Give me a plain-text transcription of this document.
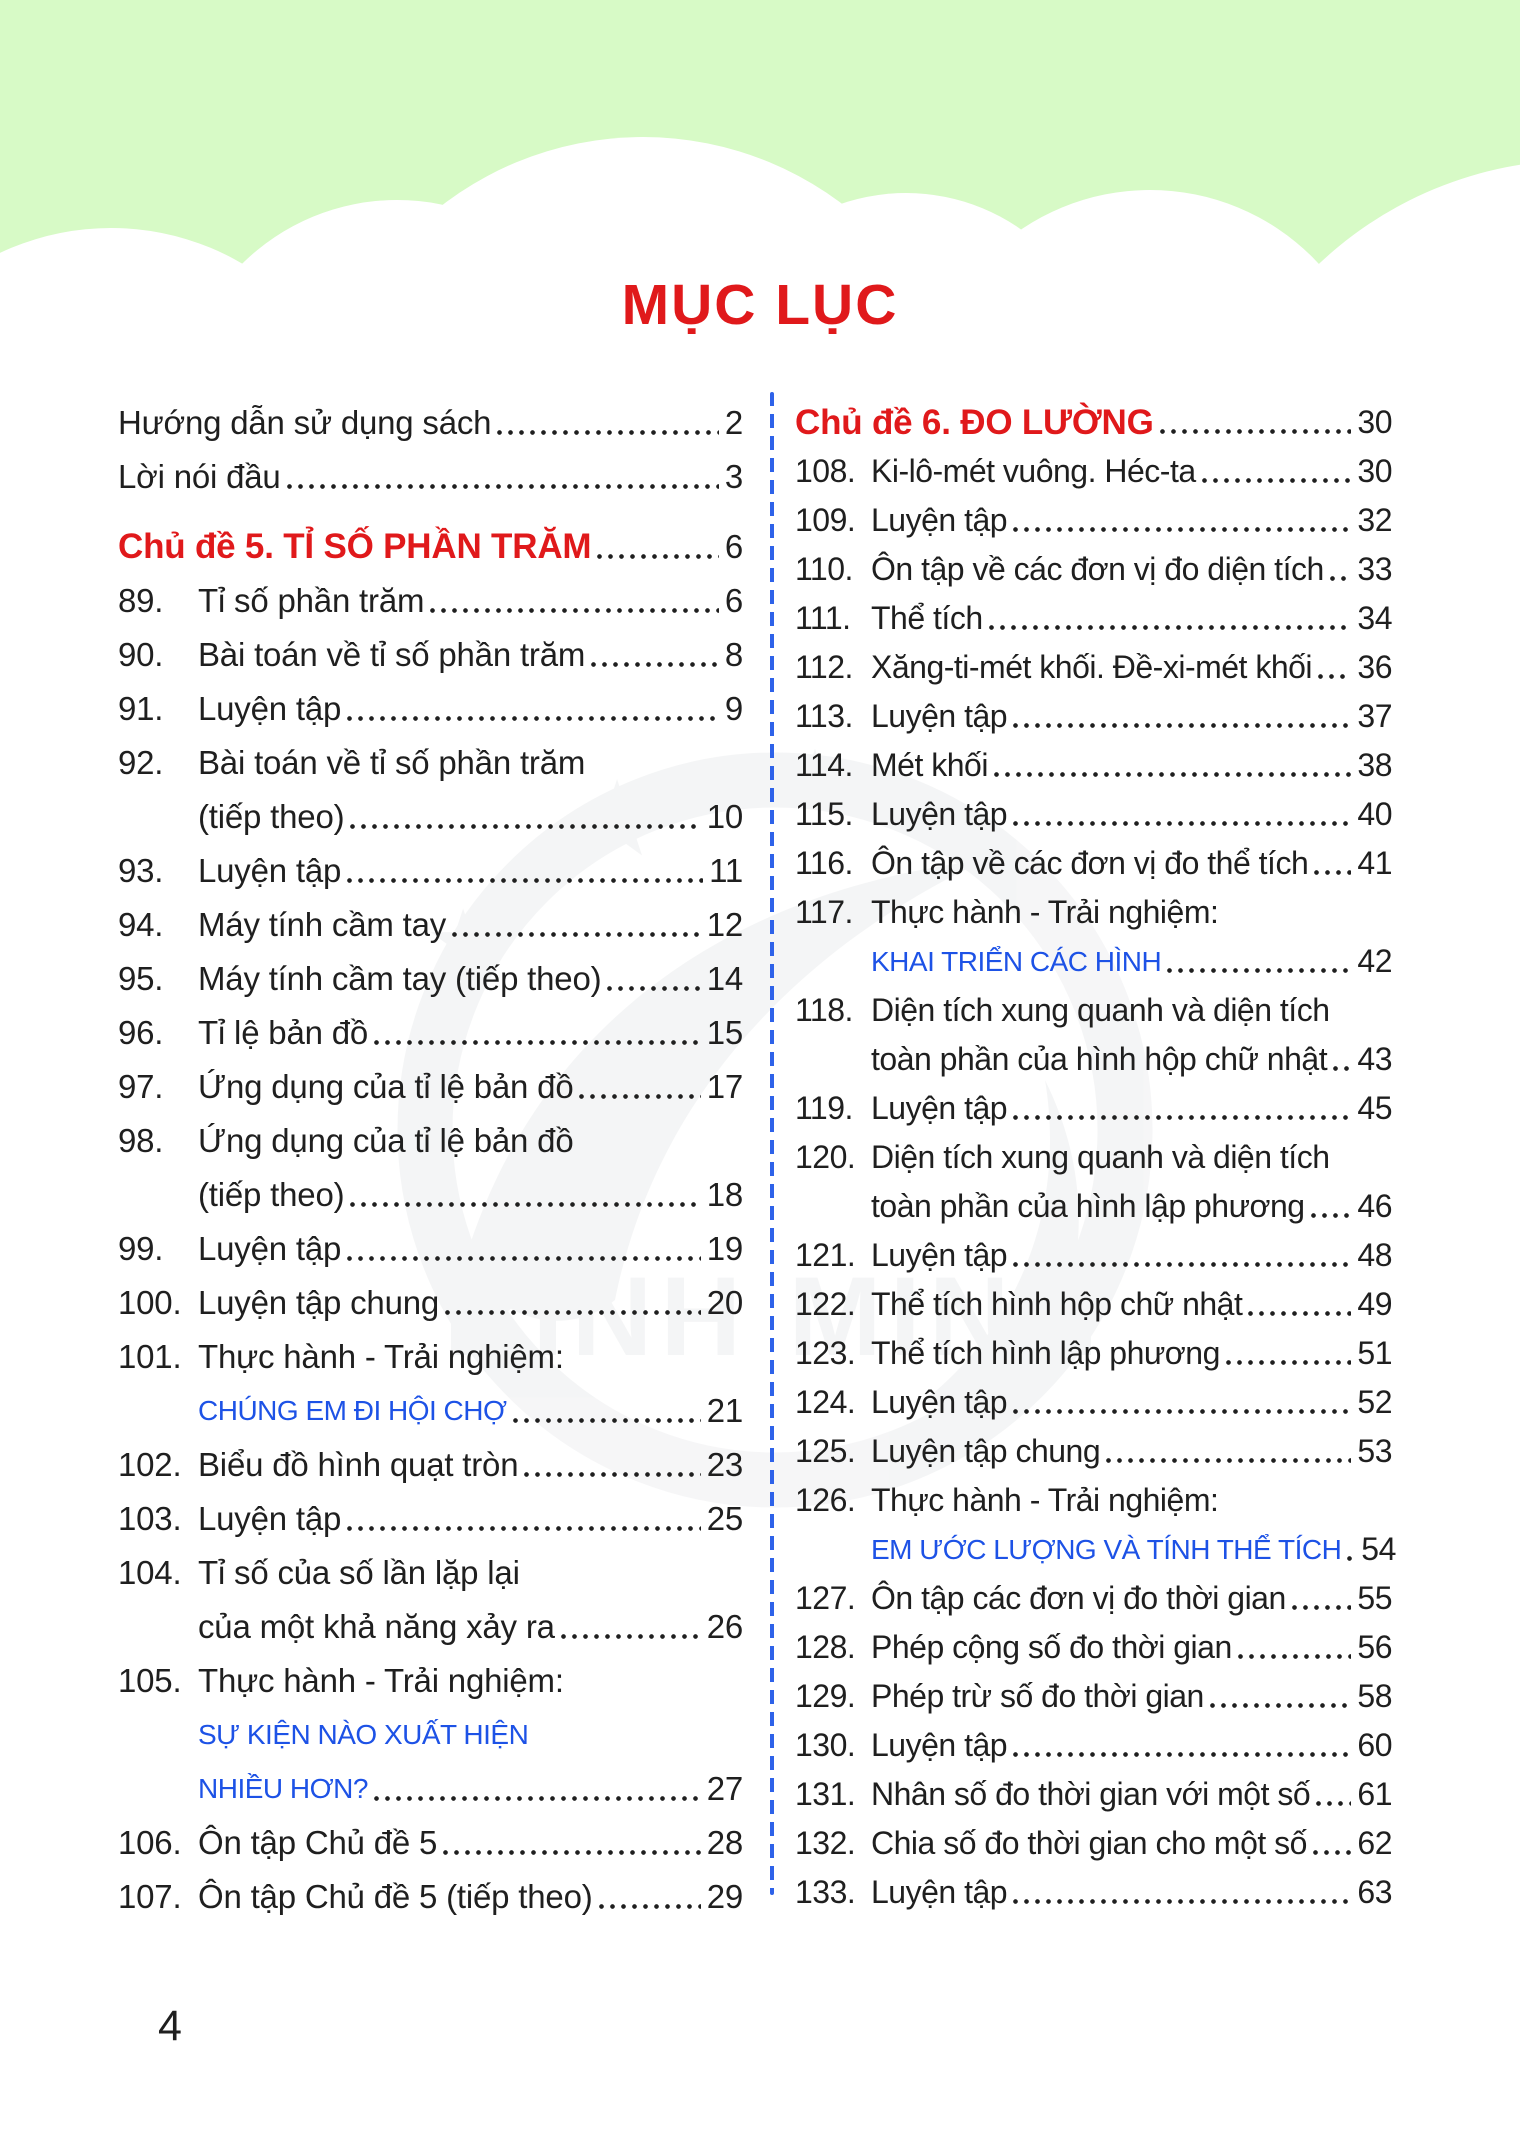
MỤC LỤC
Hướng dẫn sử dụng sách	2
Lời nói đầu	3
Chủ đề 5. TỈ SỐ PHẦN TRĂM	6
89.	Tỉ số phần trăm	6
90.	Bài toán về tỉ số phần trăm	8
91.	Luyện tập	9
92.	Bài toán về tỉ số phần trăm
(tiếp theo)	10
93.	Luyện tập	11
94.	Máy tính cầm tay	12
95.	Máy tính cầm tay (tiếp theo)	14
96.	Tỉ lệ bản đồ	15
97.	Ứng dụng của tỉ lệ bản đồ	17
98.	Ứng dụng của tỉ lệ bản đồ
(tiếp theo)	18
99.	Luyện tập	19
100. Luyện tập chung	20
101. Thực hành - Trải nghiệm:
CHÚNG EM ĐI HỘI CHỢ	21
102. Biểu đồ hình quạt tròn	23
103. Luyện tập	25
104. Tỉ số của số lần lặp lại
của một khả năng xảy ra	26
105. Thực hành - Trải nghiệm:
SỰ KIỆN NÀO XUẤT HIỆN
NHIỀU HƠN?	27
106. Ôn tập Chủ đề 5	28
107. Ôn tập Chủ đề 5 (tiếp theo)	29
Chủ đề 6. ĐO LƯỜNG	30
108. Ki-lô-mét vuông. Héc-ta	30
109. Luyện tập	32
110. Ôn tập về các đơn vị đo diện tích 33
111. Thể tích	34
112. Xăng-ti-mét khối. Đề-xi-mét khối 36
113. Luyện tập	37
114. Mét khối	38
115. Luyện tập	40
116. Ôn tập về các đơn vị đo thể tích 41
117. Thực hành - Trải nghiệm:
KHAI TRIỂN CÁC HÌNH	42
118. Diện tích xung quanh và diện tích
toàn phần của hình hộp chữ nhật 43
119. Luyện tập	45
120. Diện tích xung quanh và diện tích
toàn phần của hình lập phương 46
121. Luyện tập	48
122. Thể tích hình hộp chữ nhật	49
123. Thể tích hình lập phương	51
124. Luyện tập	52
125. Luyện tập chung	53
126. Thực hành - Trải nghiệm:
EM ƯỚC LƯỢNG VÀ TÍNH THỂ TÍCH 54
127. Ôn tập các đơn vị đo thời gian 55
128. Phép cộng số đo thời gian	56
129. Phép trừ số đo thời gian	58
130. Luyện tập	60
131. Nhân số đo thời gian với một số 61
132. Chia số đo thời gian cho một số 62
133. Luyện tập	63
4
